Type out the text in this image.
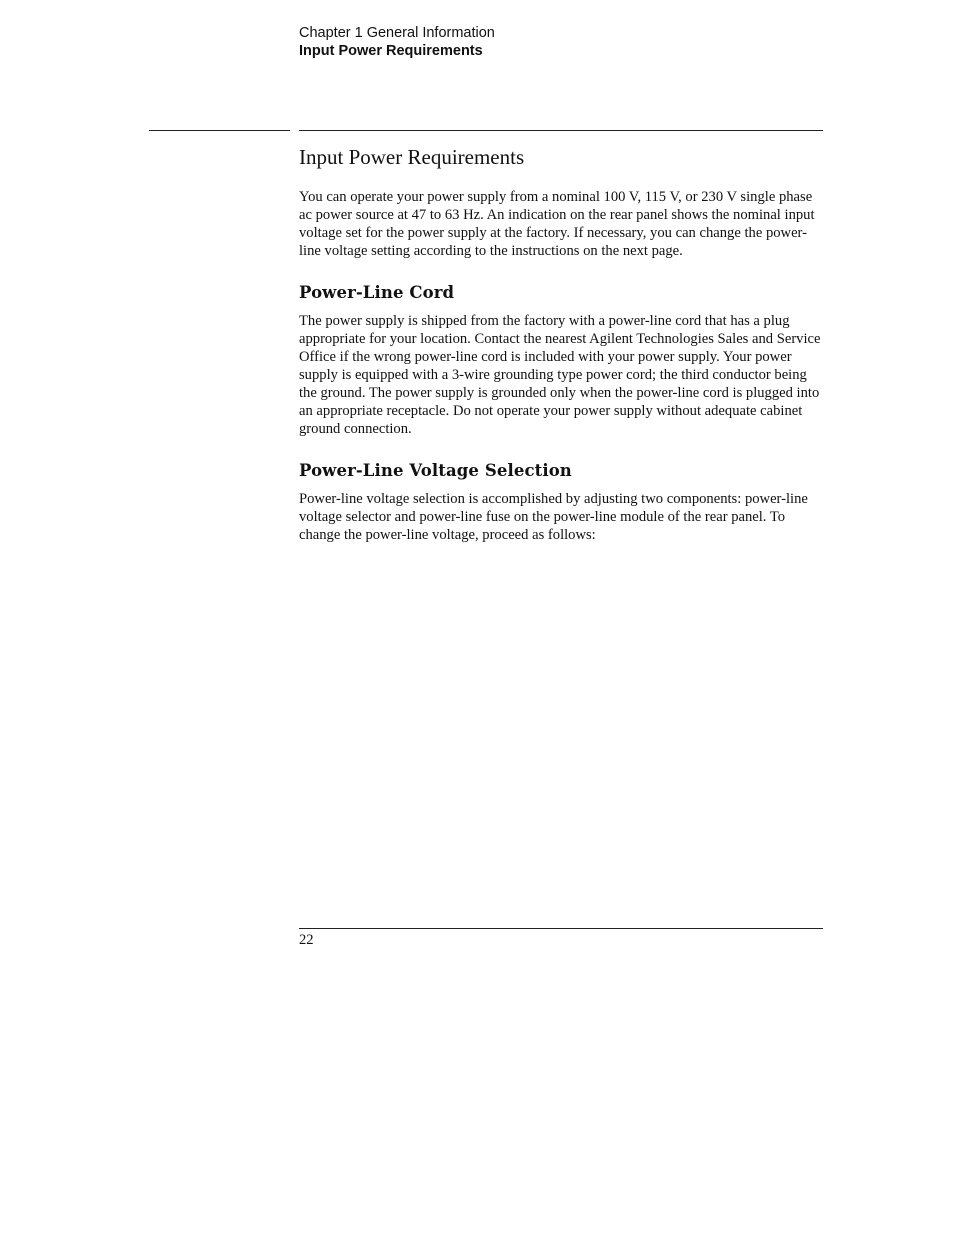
Chapter 1 General Information
Input Power Requirements
Input Power Requirements

You can operate your power supply from a nominal 100 V, 115 V, or 230 V single phase ac power source at 47 to 63 Hz. An indication on the rear panel shows the nominal input voltage set for the power supply at the factory. If necessary, you can change the power-line voltage setting according to the instructions on the next page.

Power-Line Cord

The power supply is shipped from the factory with a power-line cord that has a plug appropriate for your location. Contact the nearest Agilent Technologies Sales and Service Office if the wrong power-line cord is included with your power supply. Your power supply is equipped with a 3-wire grounding type power cord; the third conductor being the ground. The power supply is grounded only when the power-line cord is plugged into an appropriate receptacle. Do not operate your power supply without adequate cabinet ground connection.

Power-Line Voltage Selection

Power-line voltage selection is accomplished by adjusting two components: power-line voltage selector and power-line fuse on the power-line module of the rear panel. To change the power-line voltage, proceed as follows:

22
